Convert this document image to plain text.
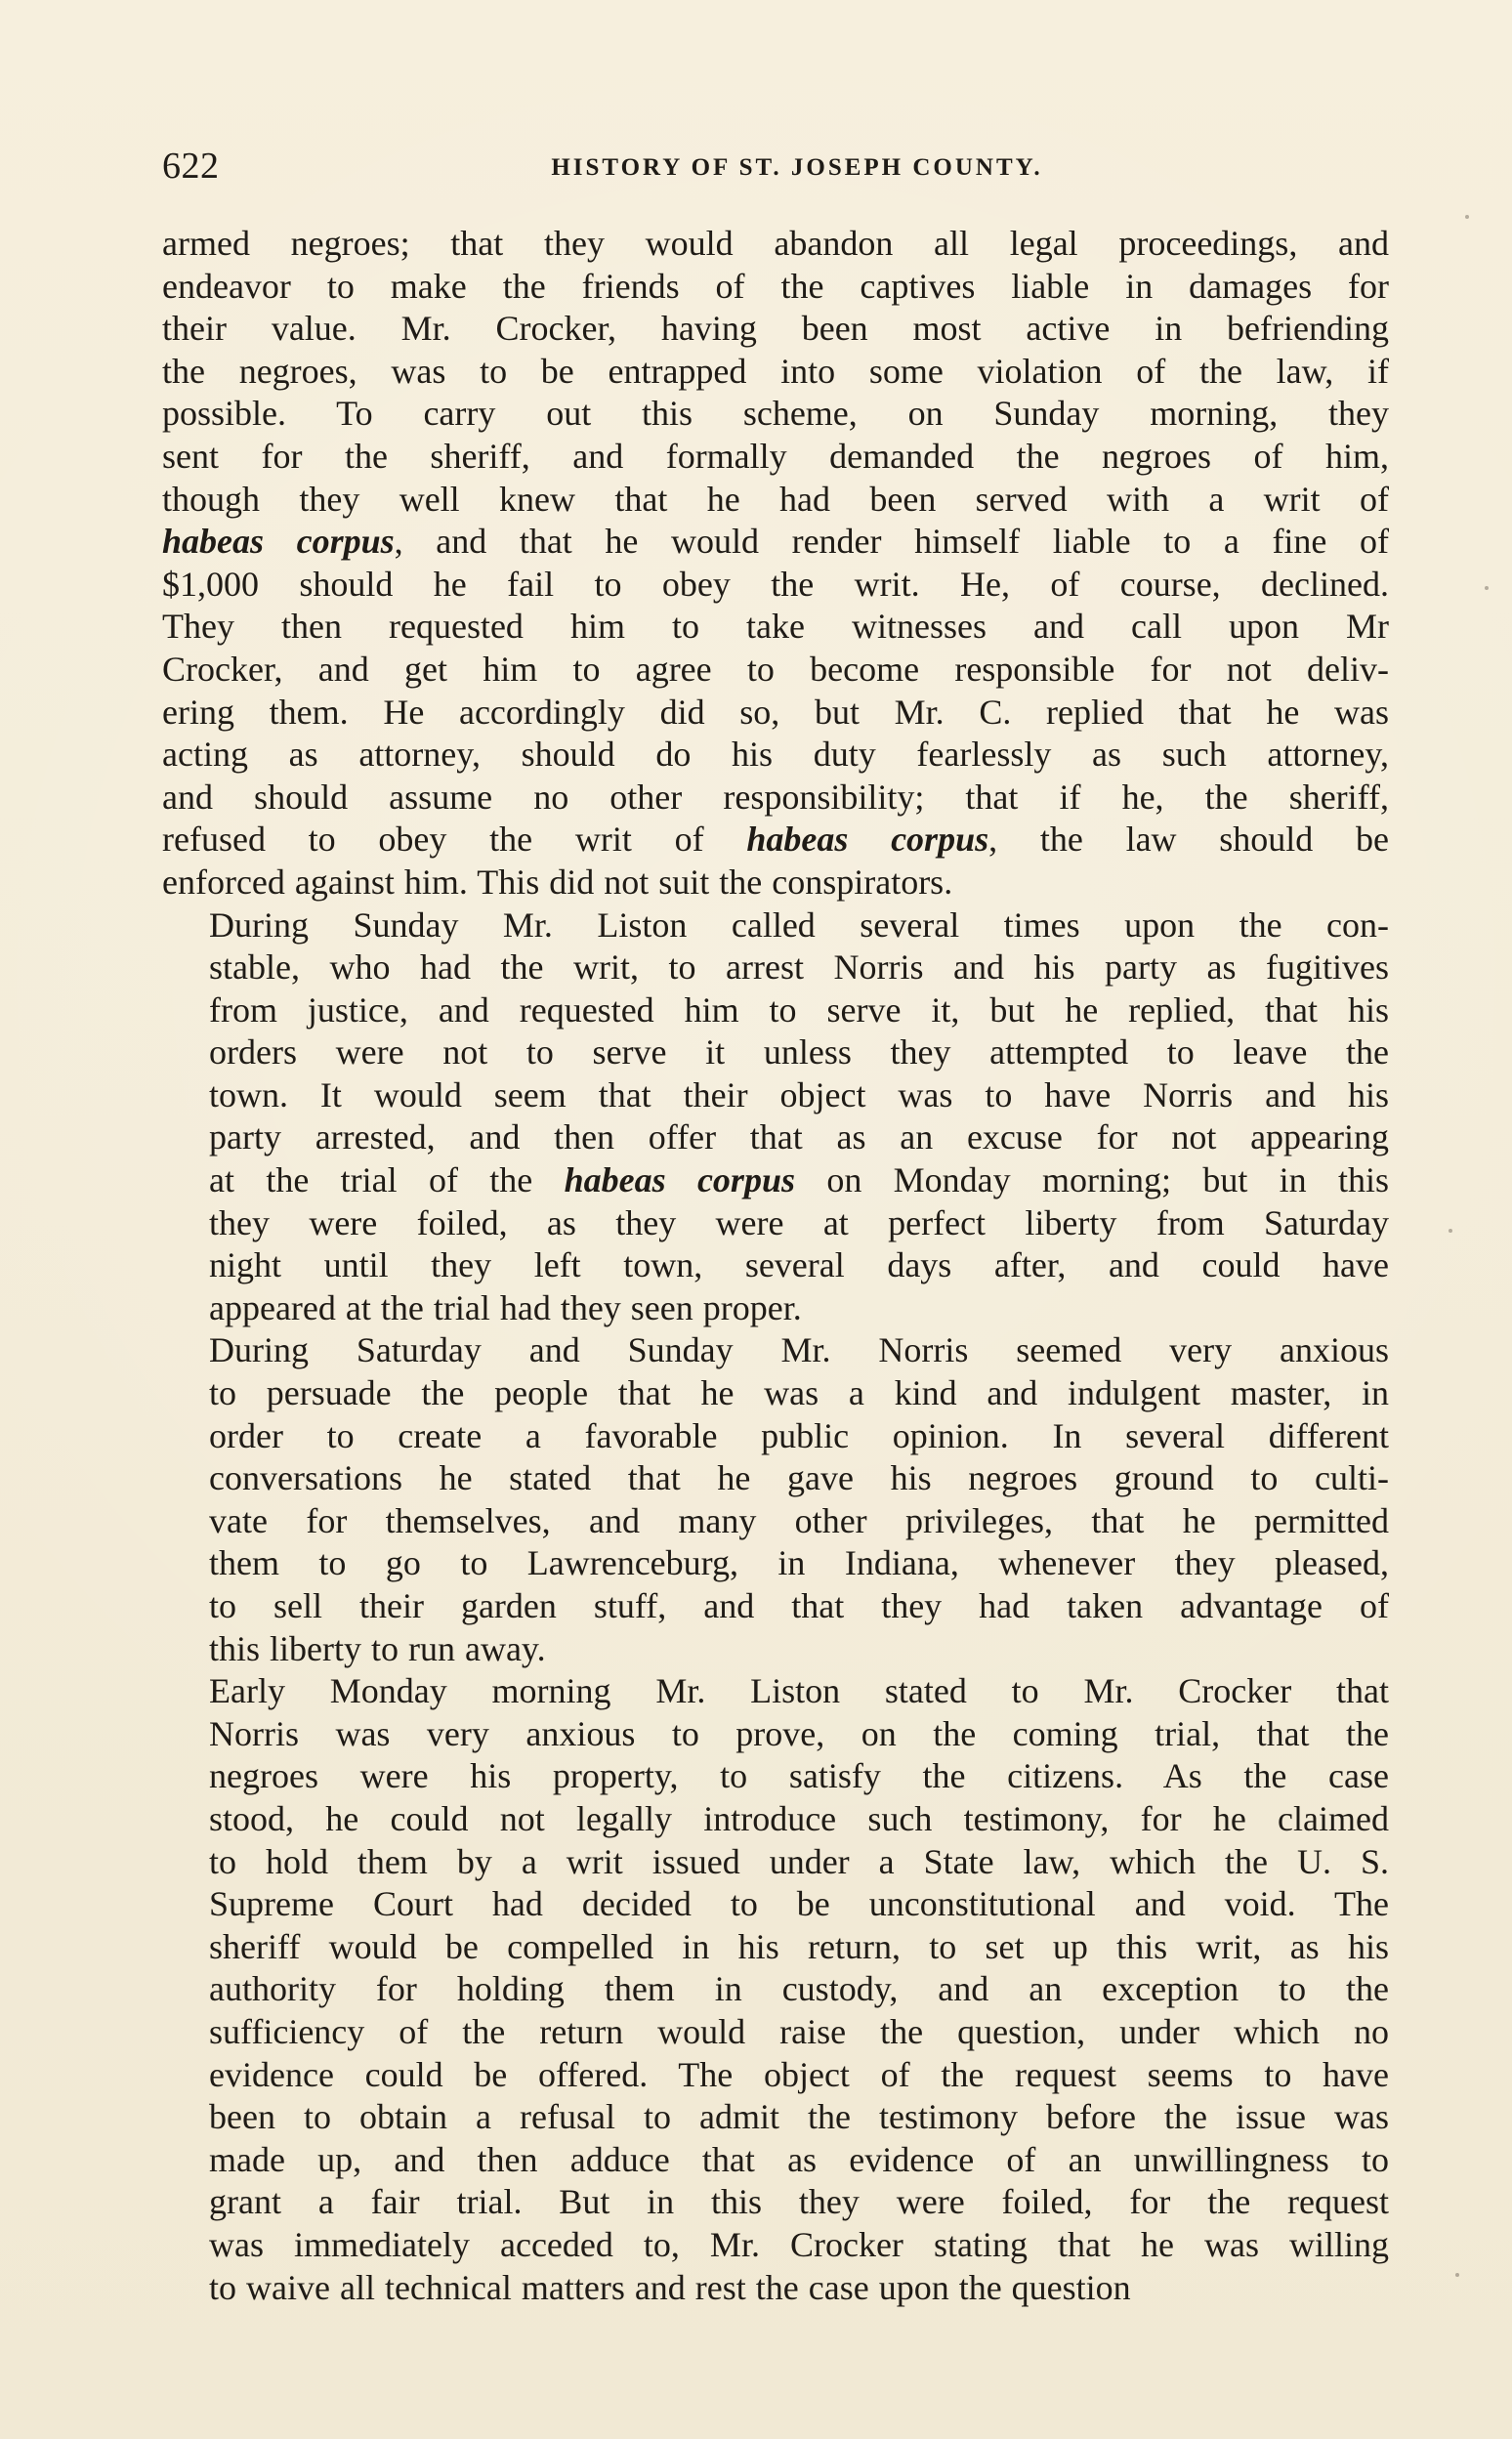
622	HISTORY OF ST. JOSEPH COUNTY.

armed negroes; that they would abandon all legal proceedings, and
endeavor to make the friends of the captives liable in damages for
their value. Mr. Crocker, having been most active in befriending
the negroes, was to be entrapped into some violation of the law, if
possible. To carry out this scheme, on Sunday morning, they
sent for the sheriff, and formally demanded the negroes of him,
though they well knew that he had been served with a writ of
habeas corpus, and that he would render himself liable to a fine of
$1,000 should he fail to obey the writ. He, of course, declined.
They then requested him to take witnesses and call upon Mr
Crocker, and get him to agree to become responsible for not deliv-
ering them. He accordingly did so, but Mr. C. replied that he was
acting as attorney, should do his duty fearlessly as such attorney,
and should assume no other responsibility; that if he, the sheriff,
refused to obey the writ of habeas corpus, the law should be
enforced against him. This did not suit the conspirators.

During Sunday Mr. Liston called several times upon the con-
stable, who had the writ, to arrest Norris and his party as fugitives
from justice, and requested him to serve it, but he replied, that his
orders were not to serve it unless they attempted to leave the
town. It would seem that their object was to have Norris and his
party arrested, and then offer that as an excuse for not appearing
at the trial of the habeas corpus on Monday morning; but in this
they were foiled, as they were at perfect liberty from Saturday
night until they left town, several days after, and could have
appeared at the trial had they seen proper.

During Saturday and Sunday Mr. Norris seemed very anxious
to persuade the people that he was a kind and indulgent master, in
order to create a favorable public opinion. In several different
conversations he stated that he gave his negroes ground to culti-
vate for themselves, and many other privileges, that he permitted
them to go to Lawrenceburg, in Indiana, whenever they pleased,
to sell their garden stuff, and that they had taken advantage of
this liberty to run away.

Early Monday morning Mr. Liston stated to Mr. Crocker that
Norris was very anxious to prove, on the coming trial, that the
negroes were his property, to satisfy the citizens. As the case
stood, he could not legally introduce such testimony, for he claimed
to hold them by a writ issued under a State law, which the U. S.
Supreme Court had decided to be unconstitutional and void. The
sheriff would be compelled in his return, to set up this writ, as his
authority for holding them in custody, and an exception to the
sufficiency of the return would raise the question, under which no
evidence could be offered. The object of the request seems to have
been to obtain a refusal to admit the testimony before the issue was
made up, and then adduce that as evidence of an unwillingness to
grant a fair trial. But in this they were foiled, for the request
was immediately acceded to, Mr. Crocker stating that he was willing
to waive all technical matters and rest the case upon the question
